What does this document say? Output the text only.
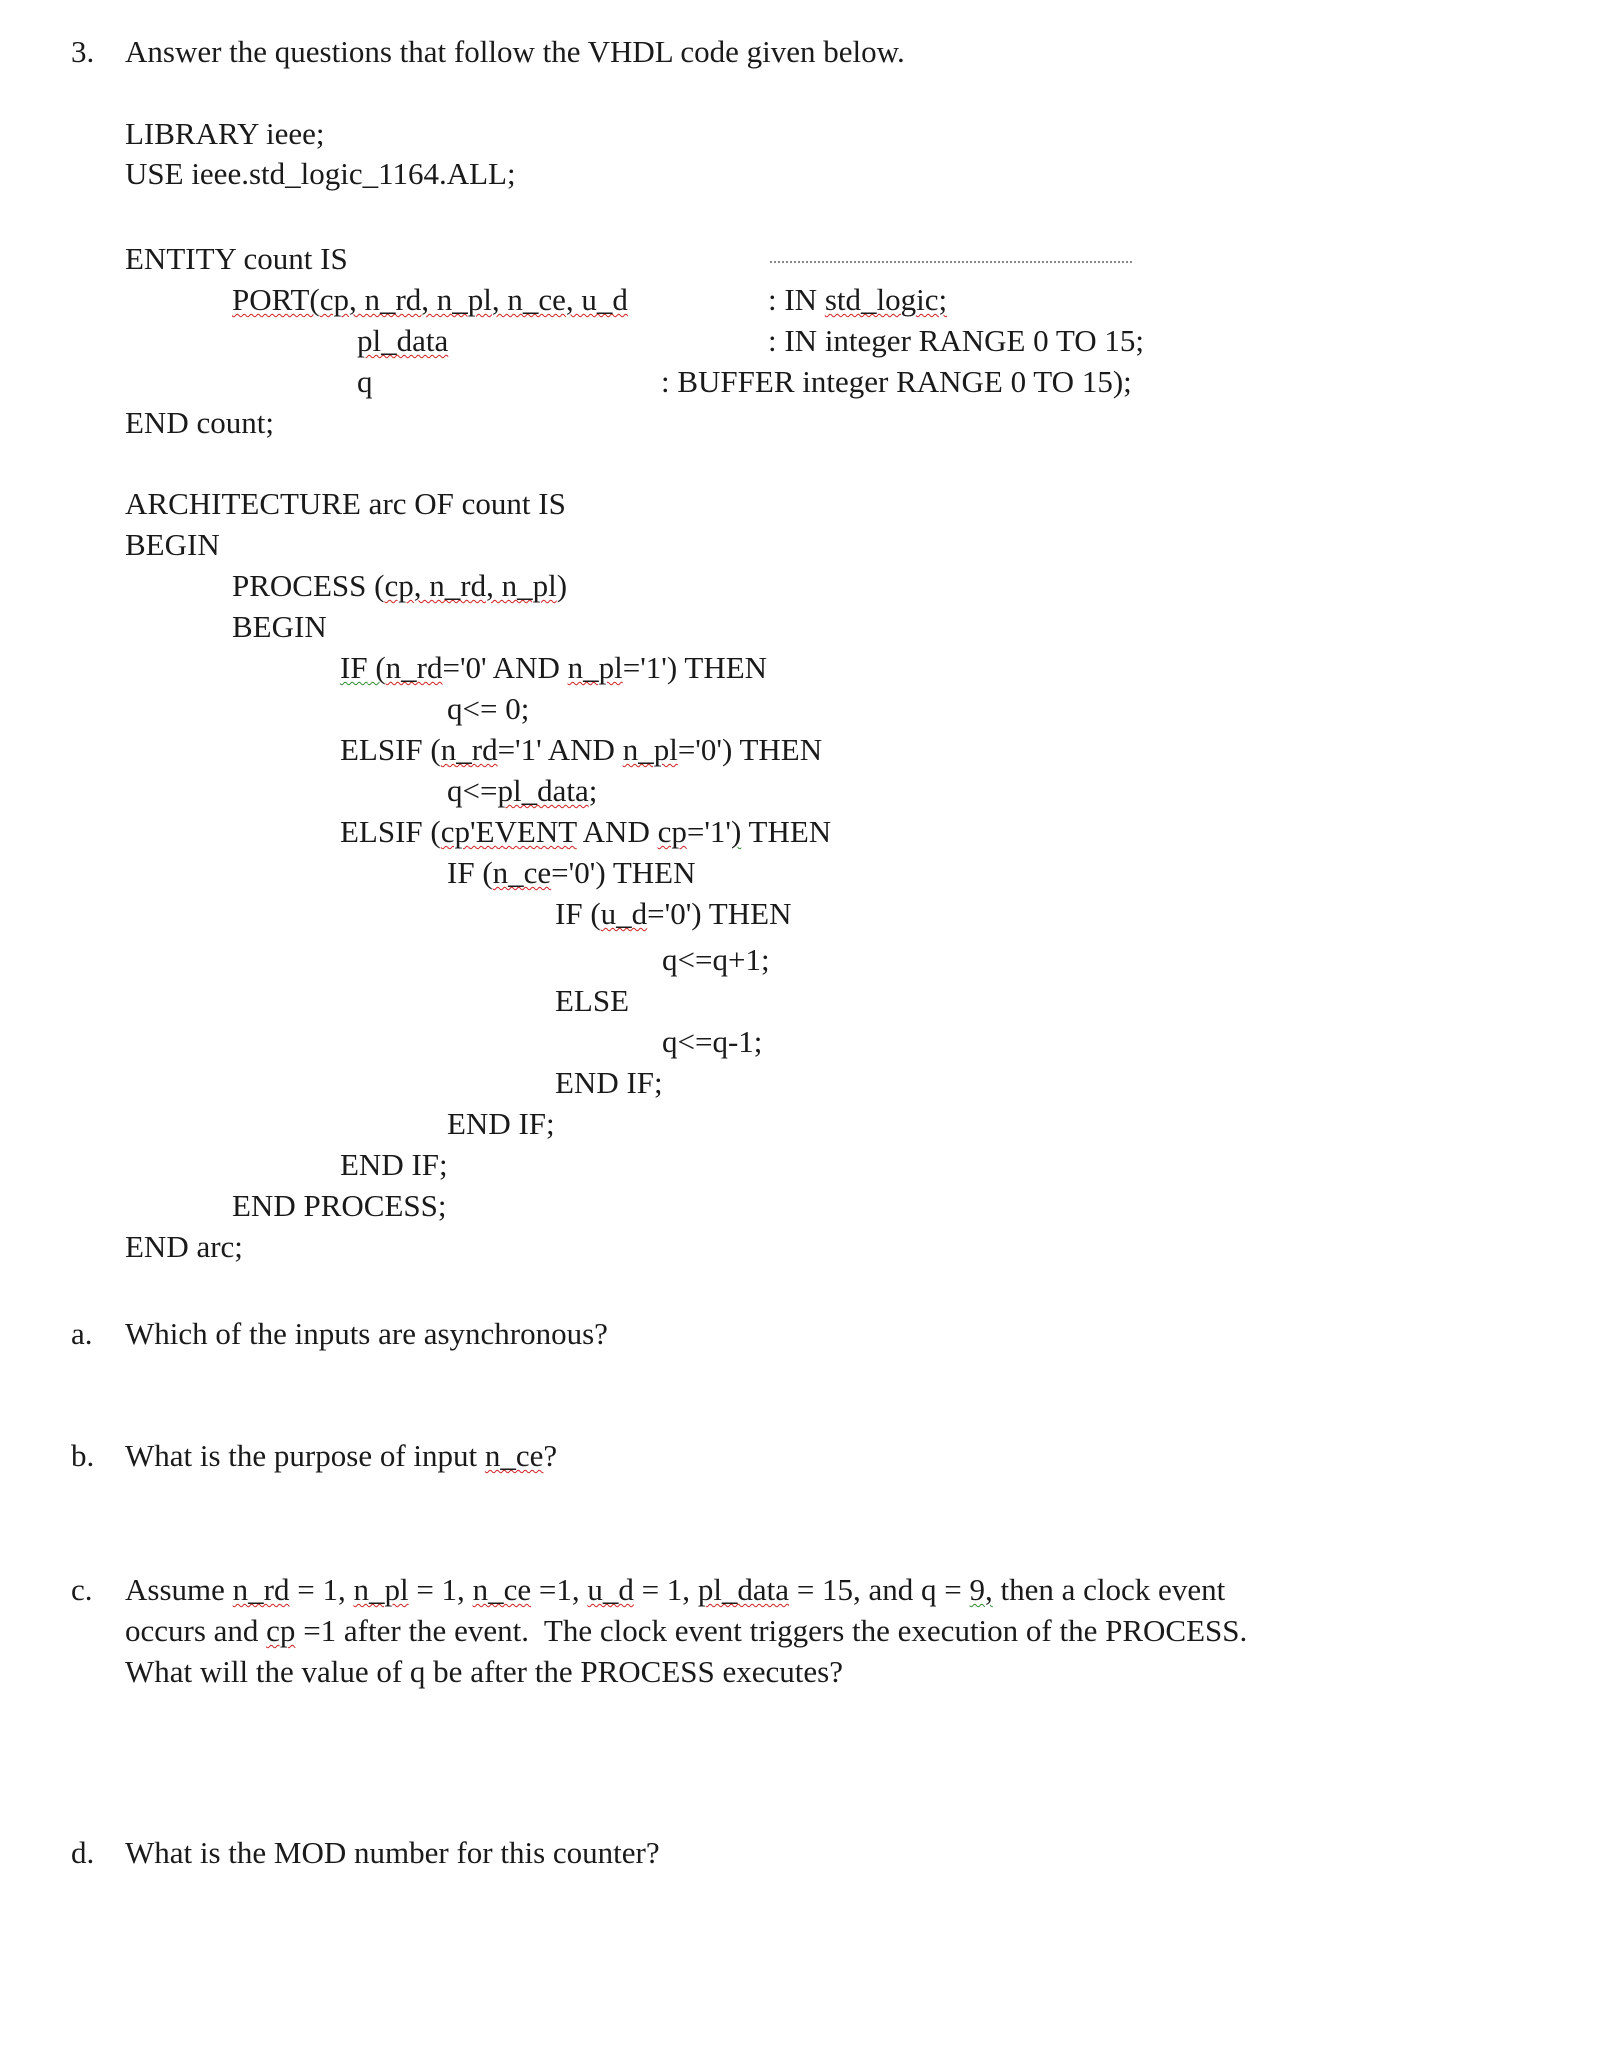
3. Answer the questions that follow the VHDL code given below.
LIBRARY ieee;
USE ieee.std_logic_1164.ALL;
ENTITY count IS
PORT(cp, n_rd, n_pl, n_ce, u_d	: IN std_logic;
pl_data	: IN integer RANGE 0 TO 15;
q	: BUFFER integer RANGE 0 TO 15);
END count;
ARCHITECTURE arc OF count IS
BEGIN
PROCESS (cp, n_rd, n_pl)
BEGIN
IF (n_rd='0' AND n_pl='1') THEN
q<= 0;
ELSIF (n_rd='1' AND n_pl='0') THEN
q<=pl_data;
ELSIF (cp'EVENT AND cp='1') THEN
IF (n_ce='0') THEN
IF (u_d='0') THEN
q<=q+1;
ELSE
q<=q-1;
END IF;
END IF;
END IF;
END PROCESS;
END arc;
a. Which of the inputs are asynchronous?
b. What is the purpose of input n_ce?
c. Assume n_rd = 1, n_pl = 1, n_ce =1, u_d = 1, pl_data = 15, and q = 9, then a clock event
occurs and cp =1 after the event.  The clock event triggers the execution of the PROCESS.
What will the value of q be after the PROCESS executes?
d. What is the MOD number for this counter?
